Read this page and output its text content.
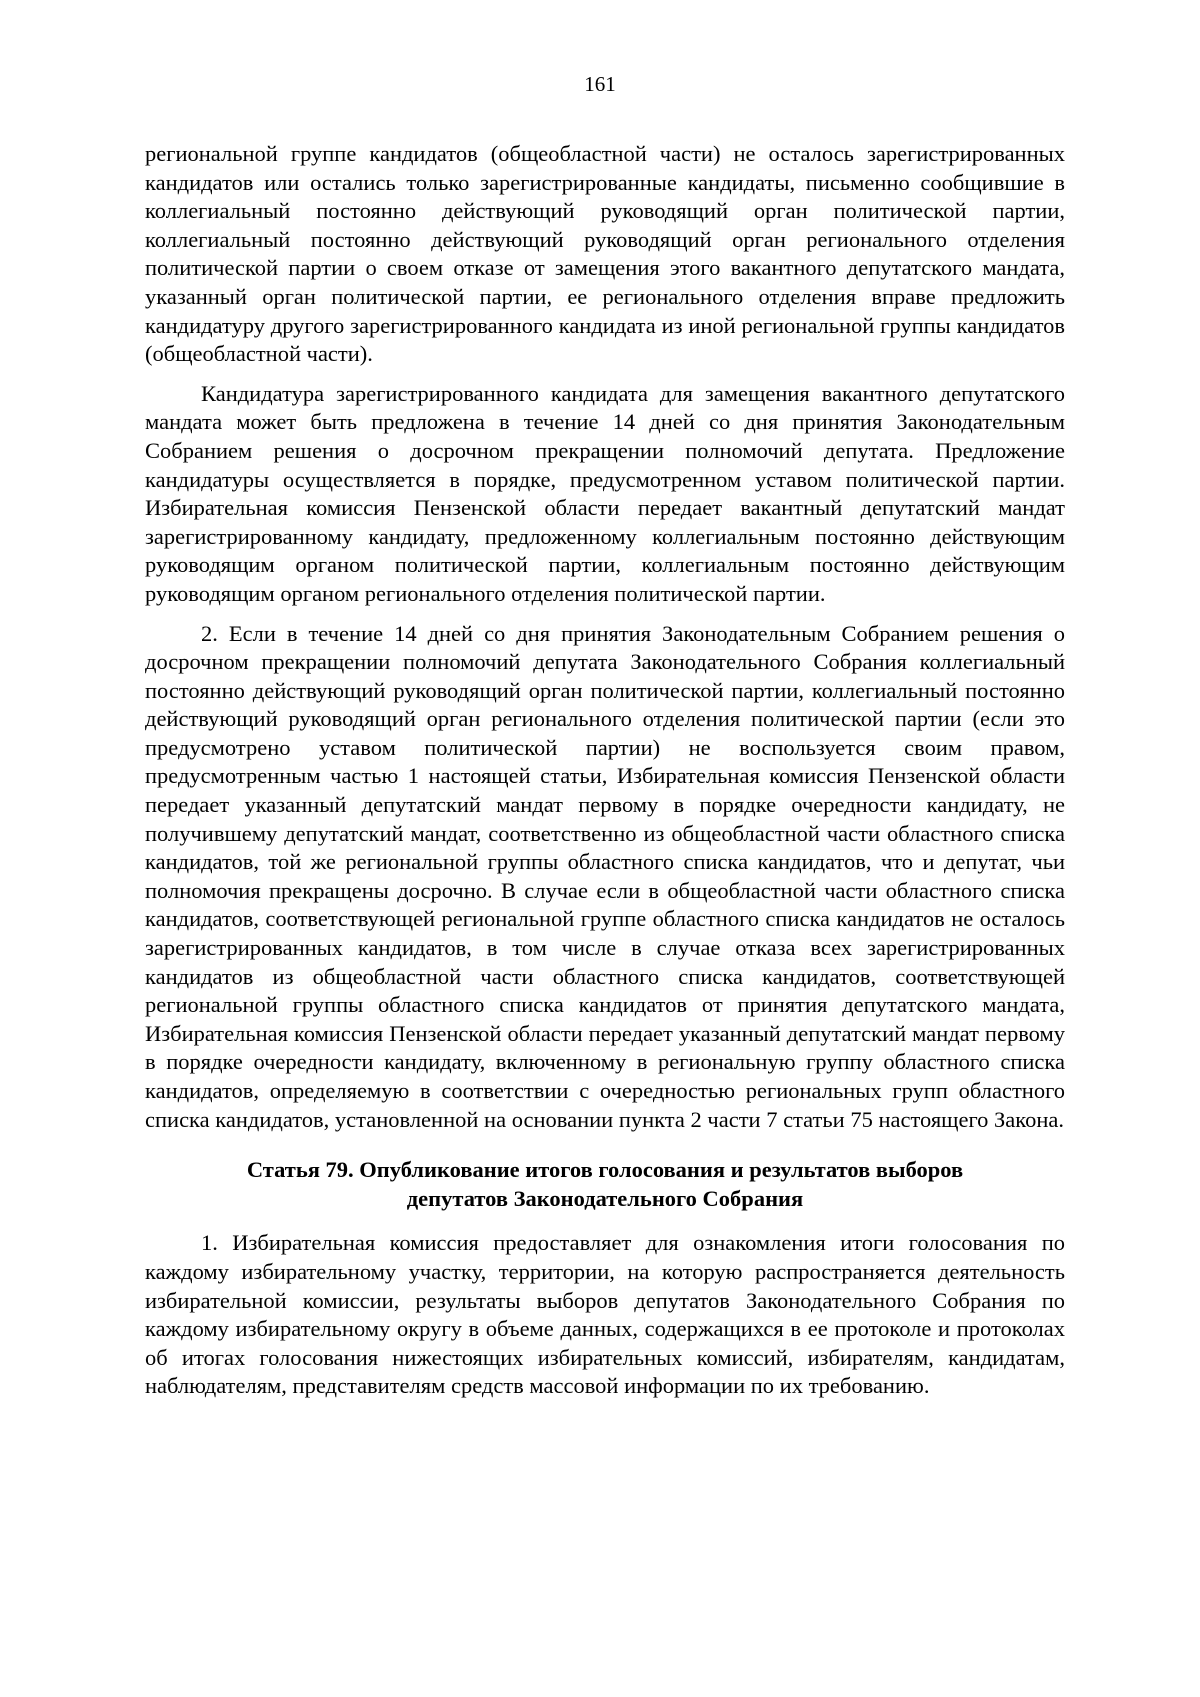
161

региональной группе кандидатов (общеобластной части) не осталось зарегистрированных кандидатов или остались только зарегистрированные кандидаты, письменно сообщившие в коллегиальный постоянно действующий руководящий орган политической партии, коллегиальный постоянно действующий руководящий орган регионального отделения политической партии о своем отказе от замещения этого вакантного депутатского мандата, указанный орган политической партии, ее регионального отделения вправе предложить кандидатуру другого зарегистрированного кандидата из иной региональной группы кандидатов (общеобластной части).

Кандидатура зарегистрированного кандидата для замещения вакантного депутатского мандата может быть предложена в течение 14 дней со дня принятия Законодательным Собранием решения о досрочном прекращении полномочий депутата. Предложение кандидатуры осуществляется в порядке, предусмотренном уставом политической партии. Избирательная комиссия Пензенской области передает вакантный депутатский мандат зарегистрированному кандидату, предложенному коллегиальным постоянно действующим руководящим органом политической партии, коллегиальным постоянно действующим руководящим органом регионального отделения политической партии.

2. Если в течение 14 дней со дня принятия Законодательным Собранием решения о досрочном прекращении полномочий депутата Законодательного Собрания коллегиальный постоянно действующий руководящий орган политической партии, коллегиальный постоянно действующий руководящий орган регионального отделения политической партии (если это предусмотрено уставом политической партии) не воспользуется своим правом, предусмотренным частью 1 настоящей статьи, Избирательная комиссия Пензенской области передает указанный депутатский мандат первому в порядке очередности кандидату, не получившему депутатский мандат, соответственно из общеобластной части областного списка кандидатов, той же региональной группы областного списка кандидатов, что и депутат, чьи полномочия прекращены досрочно. В случае если в общеобластной части областного списка кандидатов, соответствующей региональной группе областного списка кандидатов не осталось зарегистрированных кандидатов, в том числе в случае отказа всех зарегистрированных кандидатов из общеобластной части областного списка кандидатов, соответствующей региональной группы областного списка кандидатов от принятия депутатского мандата, Избирательная комиссия Пензенской области передает указанный депутатский мандат первому в порядке очередности кандидату, включенному в региональную группу областного списка кандидатов, определяемую в соответствии с очередностью региональных групп областного списка кандидатов, установленной на основании пункта 2 части 7 статьи 75 настоящего Закона.

Статья 79. Опубликование итогов голосования и результатов выборов
депутатов Законодательного Собрания

1. Избирательная комиссия предоставляет для ознакомления итоги голосования по каждому избирательному участку, территории, на которую распространяется деятельность избирательной комиссии, результаты выборов депутатов Законодательного Собрания по каждому избирательному округу в объеме данных, содержащихся в ее протоколе и протоколах об итогах голосования нижестоящих избирательных комиссий, избирателям, кандидатам, наблюдателям, представителям средств массовой информации по их требованию.
